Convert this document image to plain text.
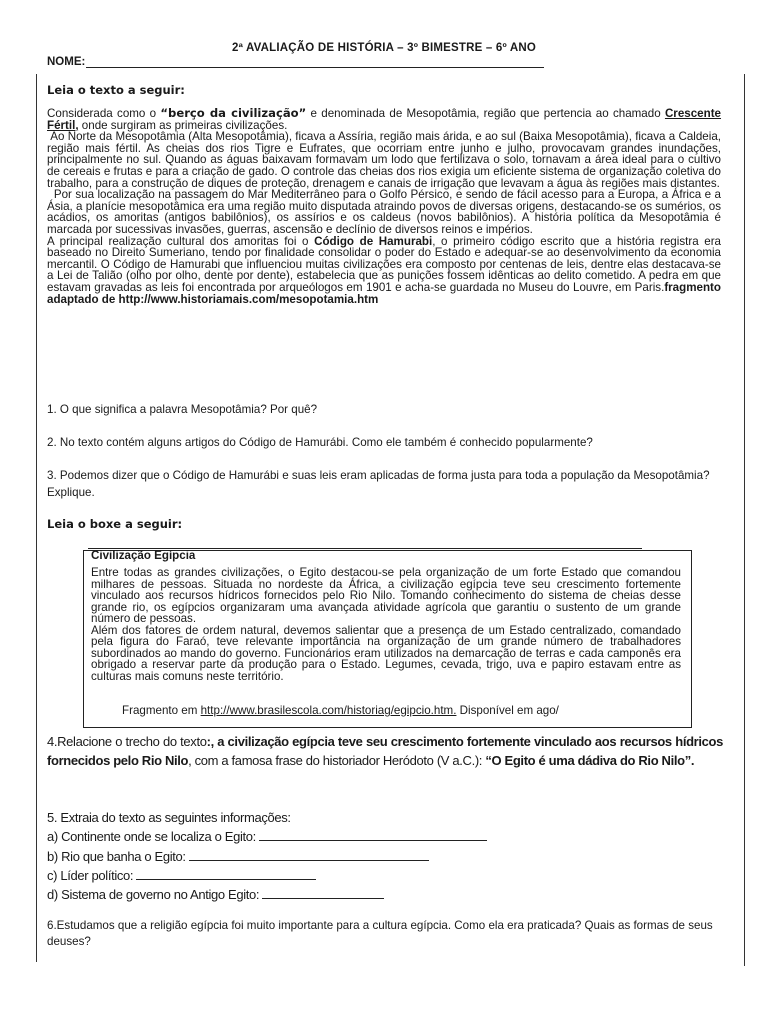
2ª AVALIAÇÃO DE HISTÓRIA – 3º BIMESTRE – 6º ANO
NOME:
Leia o texto a seguir:

Considerada como o “berço da civilização” e denominada de Mesopotâmia, região que pertencia ao chamado Crescente Fértil, onde surgiram as primeiras civilizações.

Ao Norte da Mesopotâmia (Alta Mesopotâmia), ficava a Assíria, região mais árida, e ao sul (Baixa Mesopotâmia), ficava a Caldeia, região mais fértil. As cheias dos rios Tigre e Eufrates, que ocorriam entre junho e julho, provocavam grandes inundações, principalmente no sul. Quando as águas baixavam formavam um lodo que fertilizava o solo, tornavam a área ideal para o cultivo de cereais e frutas e para a criação de gado. O controle das cheias dos rios exigia um eficiente sistema de organização coletiva do trabalho, para a construção de diques de proteção, drenagem e canais de irrigação que levavam a água às regiões mais distantes.

Por sua localização na passagem do Mar Mediterrâneo para o Golfo Pérsico, e sendo de fácil acesso para a Europa, a África e a Ásia, a planície mesopotâmica era uma região muito disputada atraindo povos de diversas origens, destacando-se os sumérios, os acádios, os amoritas (antigos babilônios), os assírios e os caldeus (novos babilônios). A história política da Mesopotâmia é marcada por sucessivas invasões, guerras, ascensão e declínio de diversos reinos e impérios.

A principal realização cultural dos amoritas foi o Código de Hamurabi, o primeiro código escrito que a história registra era baseado no Direito Sumeriano, tendo por finalidade consolidar o poder do Estado e adequar-se ao desenvolvimento da economia mercantil. O Código de Hamurabi que influenciou muitas civilizações era composto por centenas de leis, dentre elas destacava-se a Lei de Talião (olho por olho, dente por dente), estabelecia que as punições fossem idênticas ao delito cometido. A pedra em que estavam gravadas as leis foi encontrada por arqueólogos em 1901 e acha-se guardada no Museu do Louvre, em Paris.fragmento adaptado de http://www.historiamais.com/mesopotamia.htm

1. O que significa a palavra Mesopotâmia? Por quê?
2. No texto contém alguns artigos do Código de Hamurábi. Como ele também é conhecido popularmente?
3. Podemos dizer que o Código de Hamurábi e suas leis eram aplicadas de forma justa para toda a população da Mesopotâmia? Explique.
Leia o boxe a seguir:
Civilização Egípcia

Entre todas as grandes civilizações, o Egito destacou-se pela organização de um forte Estado que comandou milhares de pessoas. Situada no nordeste da África, a civilização egípcia teve seu crescimento fortemente vinculado aos recursos hídricos fornecidos pelo Rio Nilo. Tomando conhecimento do sistema de cheias desse grande rio, os egípcios organizaram uma avançada atividade agrícola que garantiu o sustento de um grande número de pessoas.

Além dos fatores de ordem natural, devemos salientar que a presença de um Estado centralizado, comandado pela figura do Faraó, teve relevante importância na organização de um grande número de trabalhadores subordinados ao mando do governo. Funcionários eram utilizados na demarcação de terras e cada camponês era obrigado a reservar parte da produção para o Estado. Legumes, cevada, trigo, uva e papiro estavam entre as culturas mais comuns neste território.

Fragmento em http://www.brasilescola.com/historiag/egipcio.htm. Disponível em ago/
4.Relacione o trecho do texto:, a civilização egípcia teve seu crescimento fortemente vinculado aos recursos hídricos fornecidos pelo Rio Nilo, com a famosa frase do historiador Heródoto (V a.C.): “O Egito é uma dádiva do Rio Nilo”.
5. Extraia do texto as seguintes informações:
a) Continente onde se localiza o Egito:
b) Rio que banha o Egito:
c) Líder político:
d) Sistema de governo no Antigo Egito:
6.Estudamos que a religião egípcia foi muito importante para a cultura egípcia. Como ela era praticada? Quais as formas de seus deuses?
